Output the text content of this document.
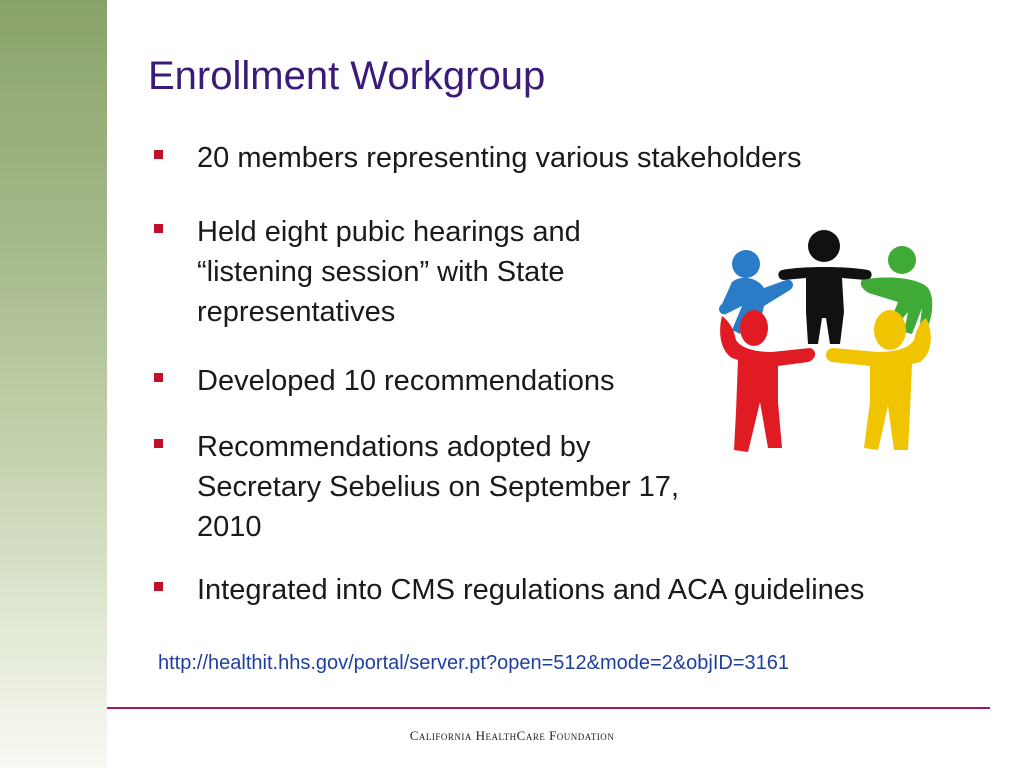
Enrollment Workgroup
20 members representing various stakeholders
Held eight pubic hearings and “listening session” with State representatives
Developed 10 recommendations
Recommendations adopted by Secretary Sebelius on September 17, 2010
Integrated into CMS regulations and ACA guidelines
http://healthit.hhs.gov/portal/server.pt?open=512&mode=2&objID=3161
California HealthCare Foundation
